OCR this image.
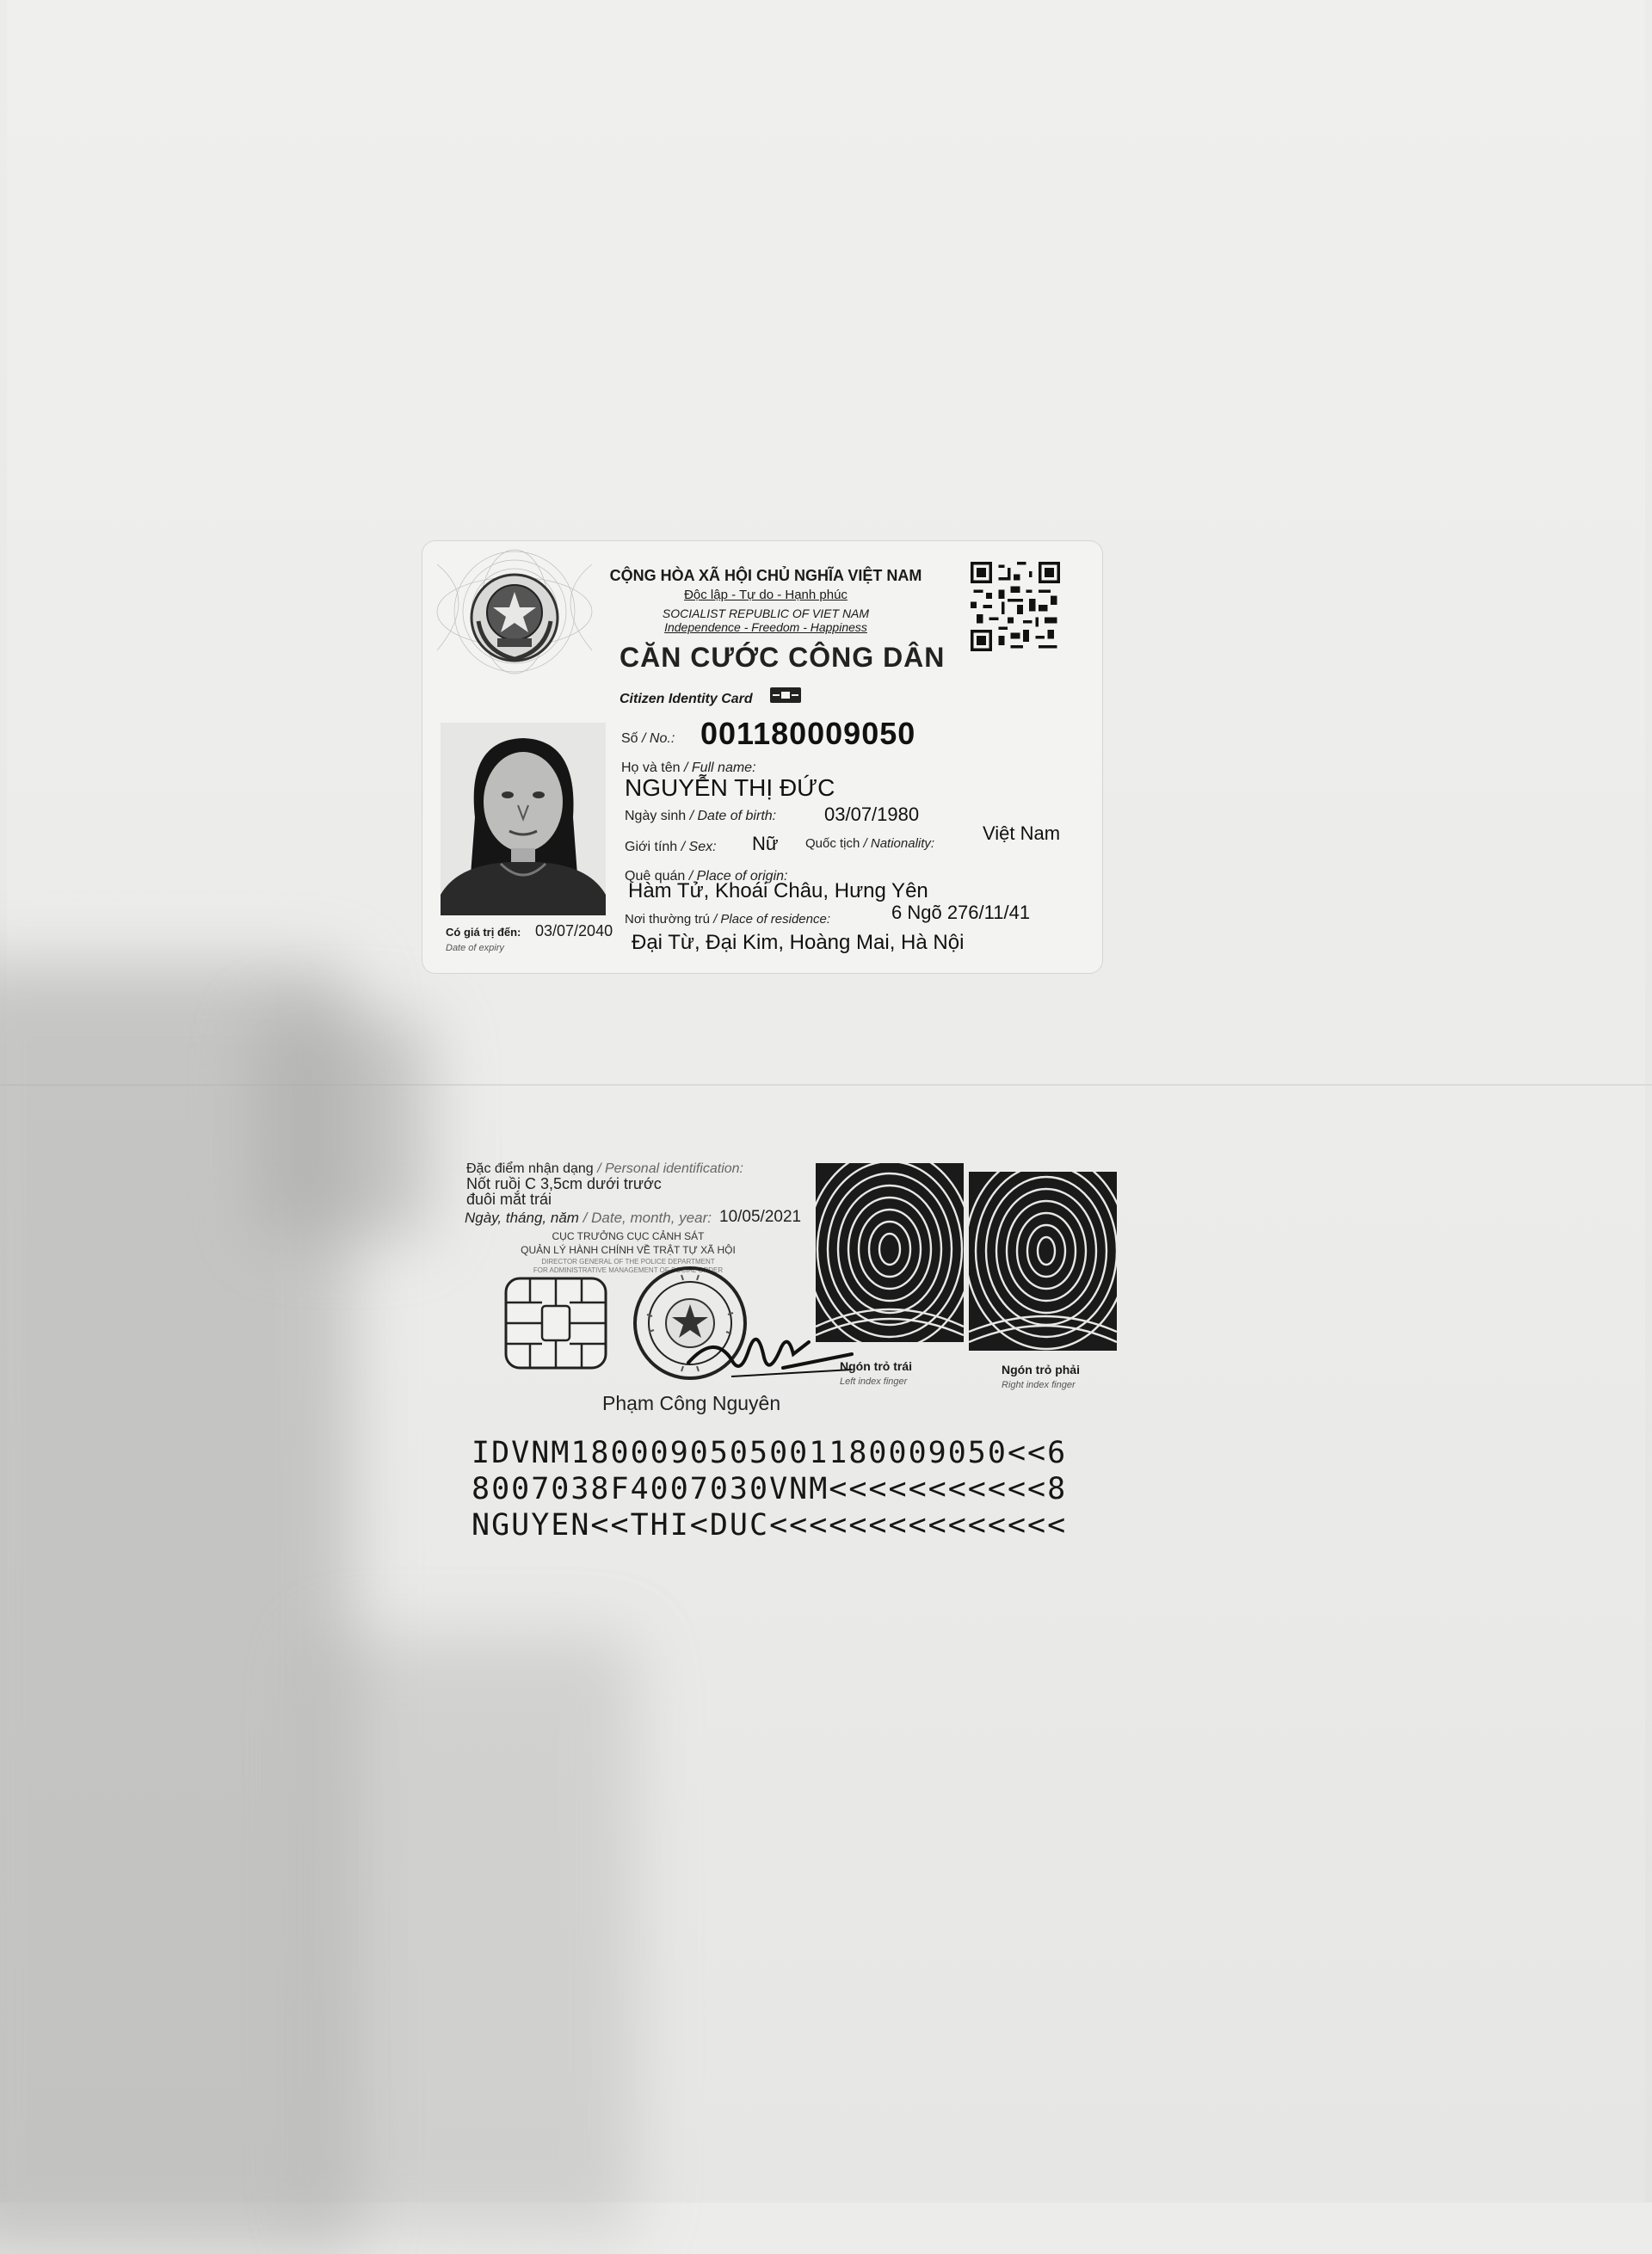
CỘNG HÒA XÃ HỘI CHỦ NGHĨA VIỆT NAM
Độc lập - Tự do - Hạnh phúc
SOCIALIST REPUBLIC OF VIET NAM
Independence - Freedom - Happiness
CĂN CƯỚC CÔNG DÂN
Citizen Identity Card
Số / No.: 001180009050
Họ và tên / Full name:
NGUYỄN THỊ ĐỨC
Ngày sinh / Date of birth:	03/07/1980
Giới tính / Sex: Nữ Quốc tịch / Nationality:	Việt Nam
Quê quán / Place of origin:
Hàm Tử, Khoái Châu, Hưng Yên
Nơi thường trú / Place of residence:	6 Ngõ 276/11/41
Đại Từ, Đại Kim, Hoàng Mai, Hà Nội
Có giá trị đến:
Date of expiry
03/07/2040
Đặc điểm nhận dạng / Personal identification:
Nốt ruồi C 3,5cm dưới trước
đuôi mắt trái
Ngày, tháng, năm / Date, month, year: 10/05/2021
CỤC TRƯỞNG CỤC CẢNH SÁT
QUẢN LÝ HÀNH CHÍNH VỀ TRẬT TỰ XÃ HỘI
DIRECTOR GENERAL OF THE POLICE DEPARTMENT
FOR ADMINISTRATIVE MANAGEMENT OF SOCIAL ORDER
Phạm Công Nguyên
Ngón trỏ trái
Left index finger
Ngón trỏ phải
Right index finger
IDVNM1800090505001180009050<<6
8007038F4007030VNM<<<<<<<<<<<8
NGUYEN<<THI<DUC<<<<<<<<<<<<<<<
